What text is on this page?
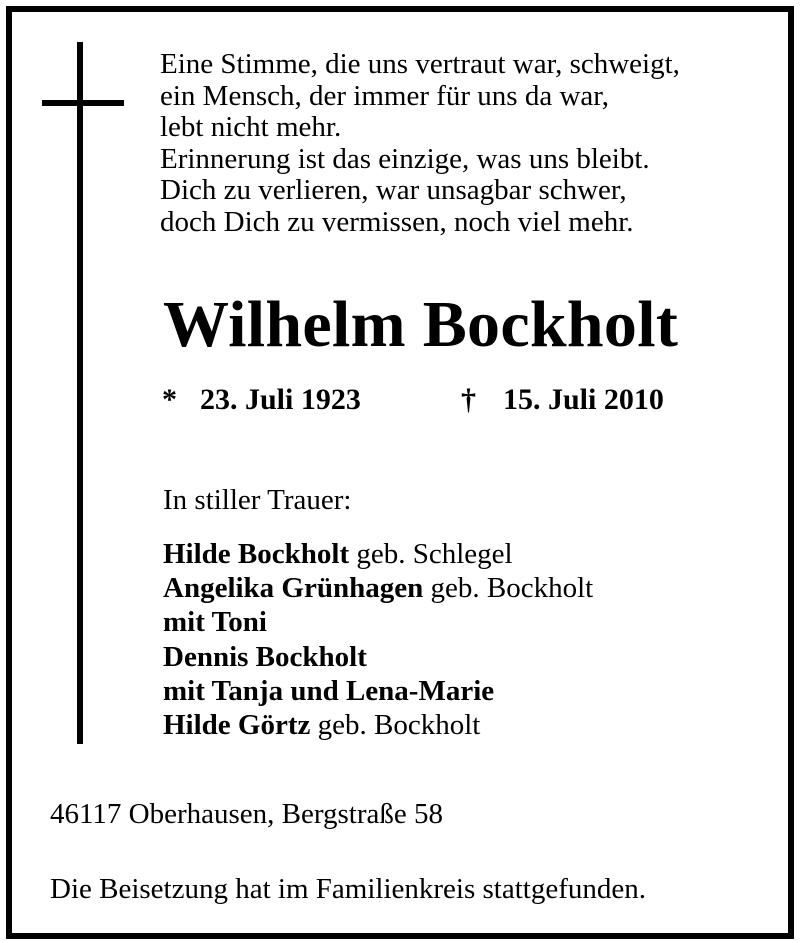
Eine Stimme, die uns vertraut war, schweigt,
ein Mensch, der immer für uns da war,
lebt nicht mehr.
Erinnerung ist das einzige, was uns bleibt.
Dich zu verlieren, war unsagbar schwer,
doch Dich zu vermissen, noch viel mehr.
Wilhelm Bockholt
* 23. Juli 1923	† 15. Juli 2010
In stiller Trauer:
Hilde Bockholt geb. Schlegel
Angelika Grünhagen geb. Bockholt
mit Toni
Dennis Bockholt
mit Tanja und Lena-Marie
Hilde Görtz geb. Bockholt
46117 Oberhausen, Bergstraße 58
Die Beisetzung hat im Familienkreis stattgefunden.
